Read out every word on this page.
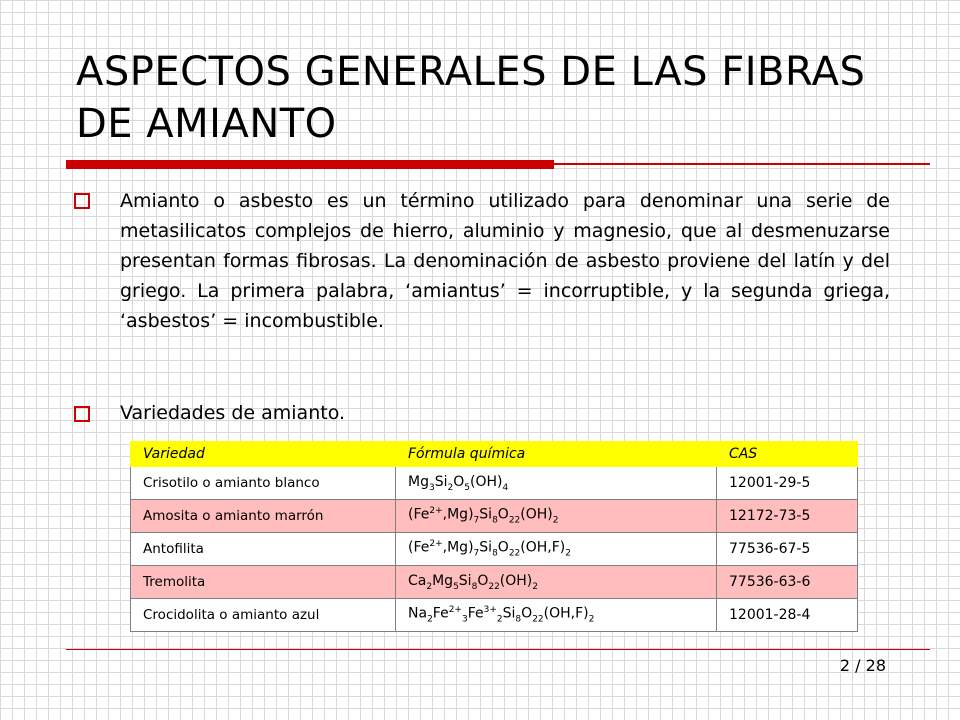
ASPECTOS GENERALES DE LAS FIBRAS DE AMIANTO
Amianto o asbesto es un término utilizado para denominar una serie de metasilicatos complejos de hierro, aluminio y magnesio, que al desmenuzarse presentan formas fibrosas. La denominación de asbesto proviene del latín y del griego. La primera palabra, ‘amiantus’ = incorruptible, y la segunda griega, ‘asbestos’ = incombustible.
Variedades de amianto.
Variedad	Fórmula química	CAS
Crisotilo o amianto blanco	$Mg_3Si_2O_5(OH)_4$	12001-29-5
Amosita o amianto marrón	$(Fe^{2+},Mg)_7Si_8O_{22}(OH)_2$	12172-73-5
Antofilita	$(Fe^{2+},Mg)_7Si_8O_{22}(OH,F)_2$	77536-67-5
Tremolita	$Ca_2Mg_5Si_8O_{22}(OH)_2$	77536-63-6
Crocidolita o amianto azul	$Na_2Fe^{2+}_3Fe^{3+}_2Si_8O_{22}(OH,F)_2$	12001-28-4
2 / 28
